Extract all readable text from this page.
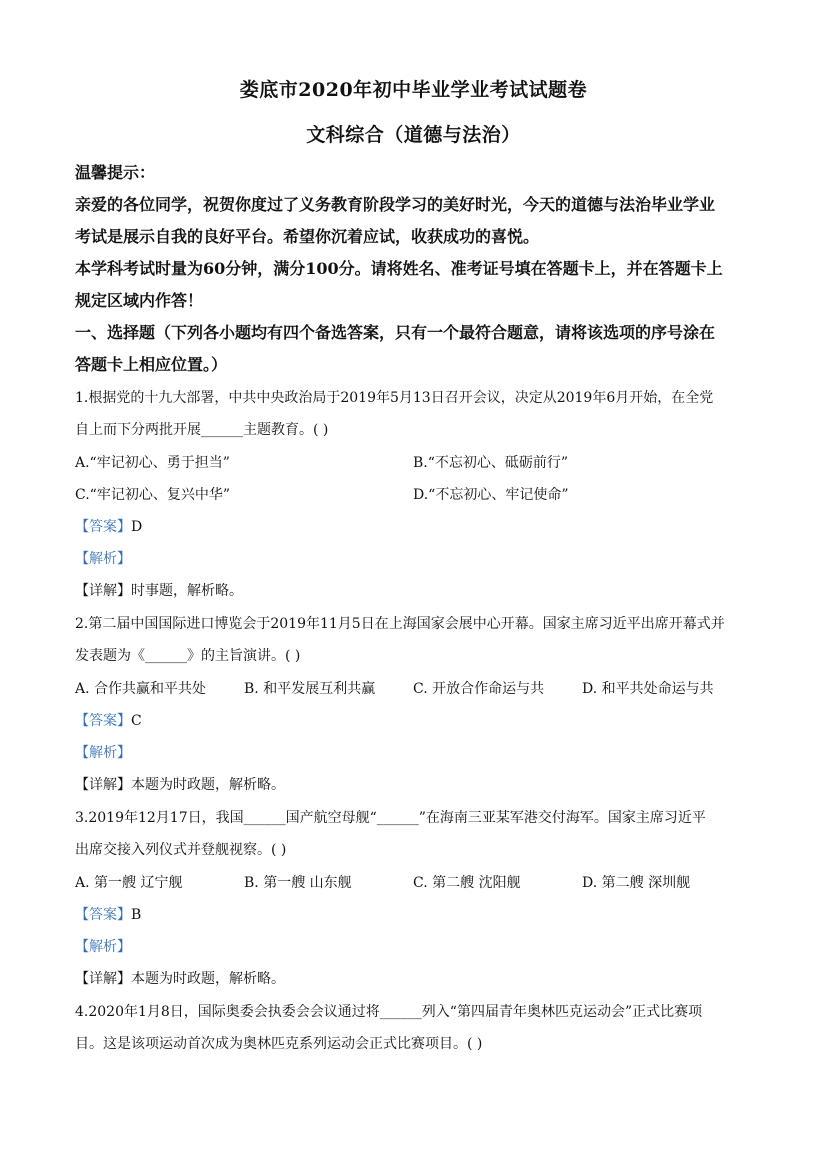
娄底市2020年初中毕业学业考试试题卷
文科综合（道德与法治）
温馨提示：
亲爱的各位同学，祝贺你度过了义务教育阶段学习的美好时光，今天的道德与法治毕业学业
考试是展示自我的良好平台。希望你沉着应试，收获成功的喜悦。
本学科考试时量为60分钟，满分100分。请将姓名、准考证号填在答题卡上，并在答题卡上
规定区域内作答！
一、选择题（下列各小题均有四个备选答案，只有一个最符合题意，请将该选项的序号涂在
答题卡上相应位置。）
1.根据党的十九大部署，中共中央政治局于2019年5月13日召开会议，决定从2019年6月开始，在全党
自上而下分两批开展______主题教育。( )
A.“牢记初心、勇于担当”	B.“不忘初心、砥砺前行”
C.“牢记初心、复兴中华”	D.“不忘初心、牢记使命”
【答案】D
【解析】
【详解】时事题，解析略。
2.第二届中国国际进口博览会于2019年11月5日在上海国家会展中心开幕。国家主席习近平出席开幕式并
发表题为《______》的主旨演讲。( )
A. 合作共赢和平共处	B. 和平发展互利共赢	C. 开放合作命运与共	D. 和平共处命运与共
【答案】C
【解析】
【详解】本题为时政题，解析略。
3.2019年12月17日，我国______国产航空母舰“______”在海南三亚某军港交付海军。国家主席习近平
出席交接入列仪式并登舰视察。( )
A. 第一艘 辽宁舰	B. 第一艘 山东舰	C. 第二艘 沈阳舰	D. 第二艘 深圳舰
【答案】B
【解析】
【详解】本题为时政题，解析略。
4.2020年1月8日，国际奥委会执委会会议通过将______列入“第四届青年奥林匹克运动会”正式比赛项
目。这是该项运动首次成为奥林匹克系列运动会正式比赛项目。( )
